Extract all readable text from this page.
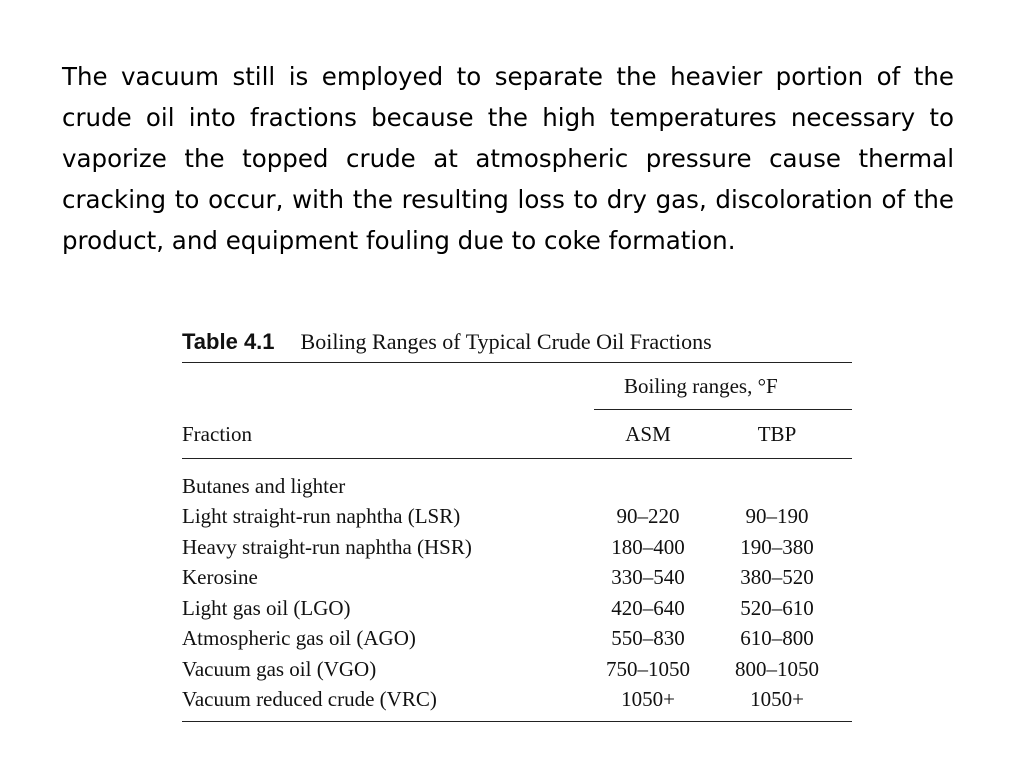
The vacuum still is employed to separate the heavier portion of the crude oil into fractions because the high temperatures necessary to vaporize the topped crude at atmospheric pressure cause thermal cracking to occur, with the resulting loss to dry gas, discoloration of the product, and equipment fouling due to coke formation.

Table 4.1 Boiling Ranges of Typical Crude Oil Fractions
Boiling ranges, °F
Fraction	ASM	TBP
Butanes and lighter
Light straight-run naphtha (LSR)	90–220	90–190
Heavy straight-run naphtha (HSR)	180–400	190–380
Kerosine	330–540	380–520
Light gas oil (LGO)	420–640	520–610
Atmospheric gas oil (AGO)	550–830	610–800
Vacuum gas oil (VGO)	750–1050	800–1050
Vacuum reduced crude (VRC)	1050+	1050+
